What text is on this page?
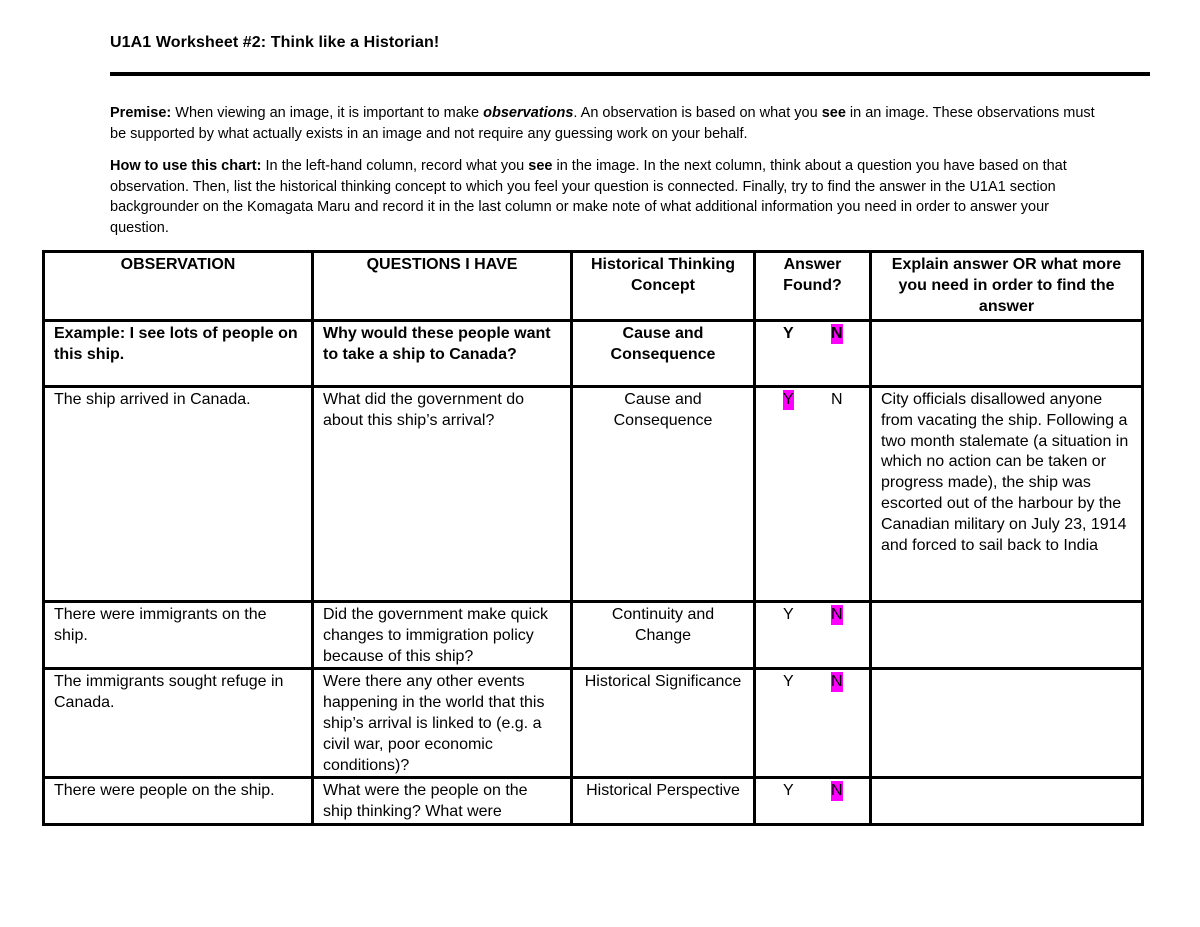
U1A1 Worksheet #2: Think like a Historian!
Premise: When viewing an image, it is important to make observations. An observation is based on what you see in an image. These observations must be supported by what actually exists in an image and not require any guessing work on your behalf.
How to use this chart: In the left-hand column, record what you see in the image. In the next column, think about a question you have based on that observation. Then, list the historical thinking concept to which you feel your question is connected. Finally, try to find the answer in the U1A1 section backgrounder on the Komagata Maru and record it in the last column or make note of what additional information you need in order to answer your question.
OBSERVATION	QUESTIONS I HAVE	Historical Thinking Concept	Answer Found?	Explain answer OR what more you need in order to find the answer
Example: I see lots of people on this ship.	Why would these people want to take a ship to Canada?	Cause and Consequence	Y N	

The ship arrived in Canada.	What did the government do about this ship’s arrival?	Cause and Consequence	Y N	City officials disallowed anyone from vacating the ship. Following a two month stalemate (a situation in which no action can be taken or progress made), the ship was escorted out of the harbour by the Canadian military on July 23, 1914 and forced to sail back to India
There were immigrants on the ship.	Did the government make quick changes to immigration policy because of this ship?	Continuity and Change	Y N	

The immigrants sought refuge in Canada.	Were there any other events happening in the world that this ship’s arrival is linked to (e.g. a civil war, poor economic conditions)?	Historical Significance	Y N	

There were people on the ship.	What were the people on the ship thinking? What were	Historical Perspective	Y N	
